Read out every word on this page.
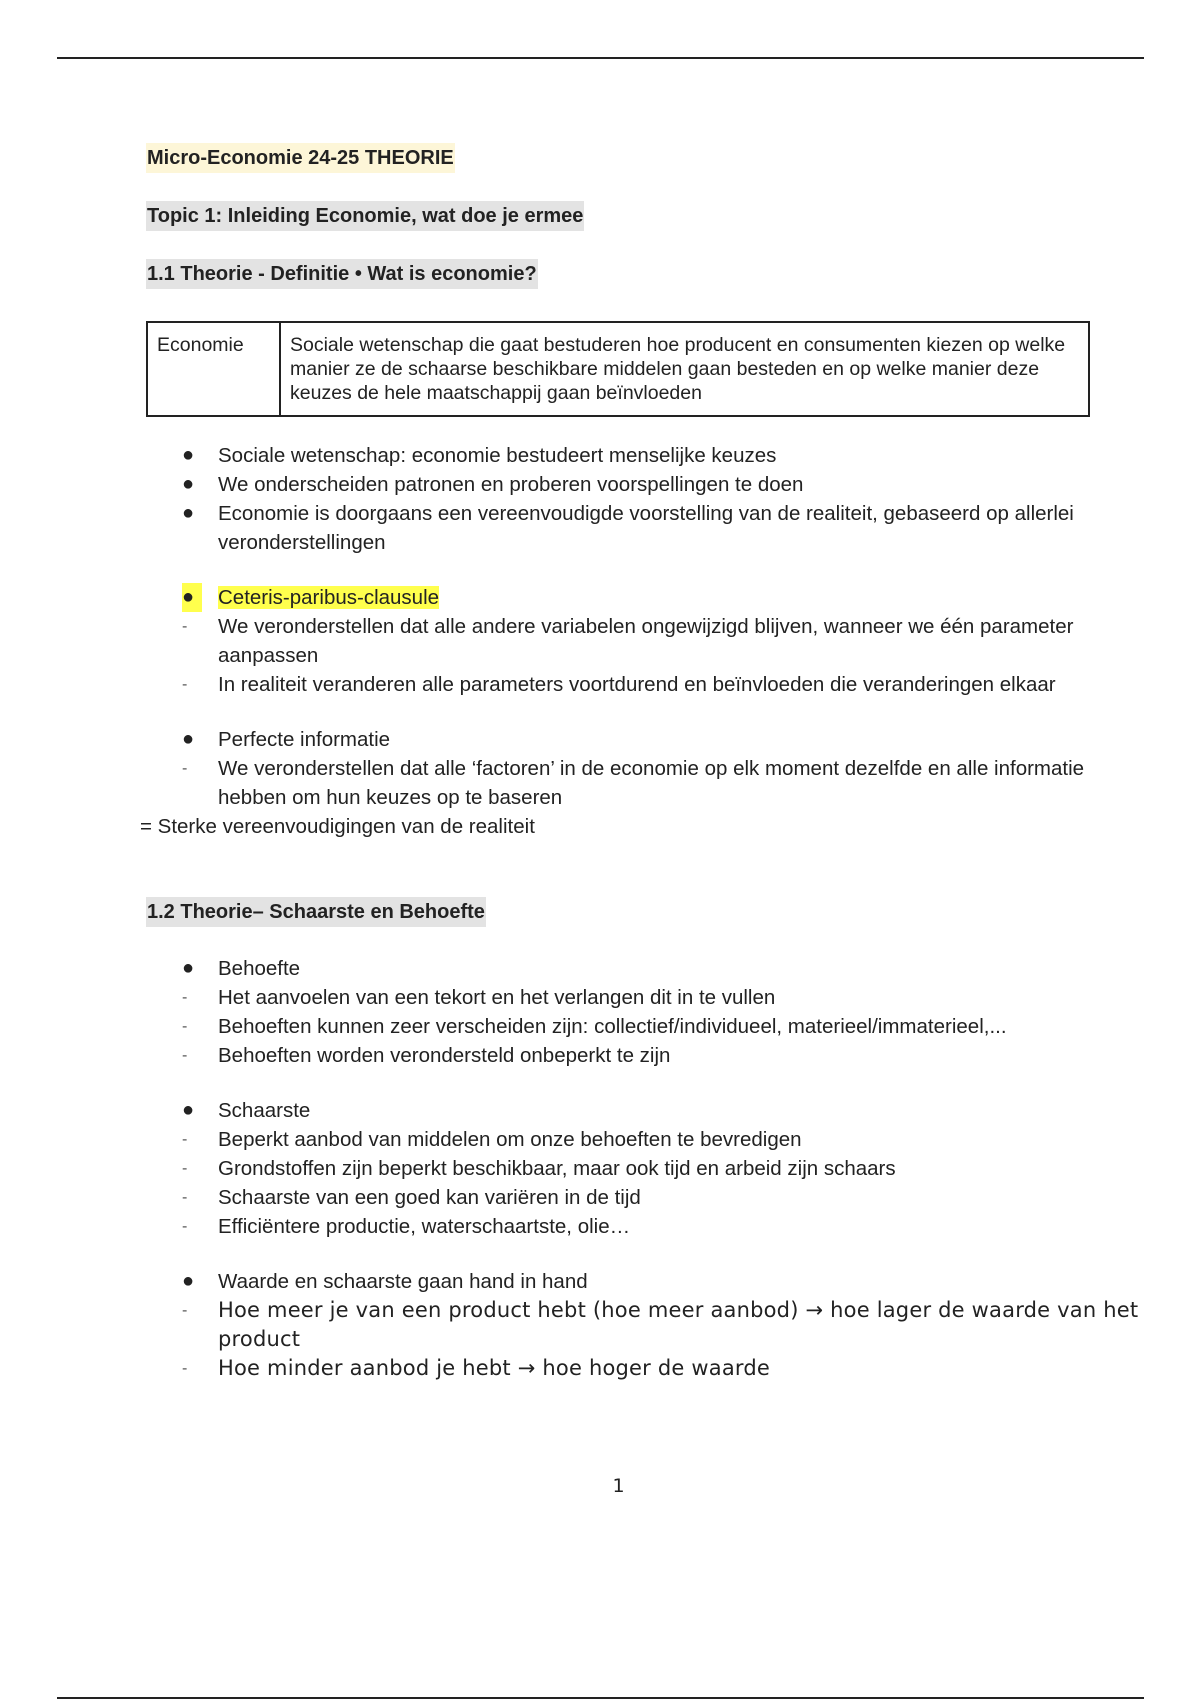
Micro-Economie 24-25 THEORIE
Topic 1: Inleiding Economie, wat doe je ermee
1.1 Theorie - Definitie • Wat is economie?
Economie	Sociale wetenschap die gaat bestuderen hoe producent en consumenten kiezen op welke manier ze de schaarse beschikbare middelen gaan besteden en op welke manier deze keuzes de hele maatschappij gaan beïnvloeden
●	Sociale wetenschap: economie bestudeert menselijke keuzes
●	We onderscheiden patronen en proberen voorspellingen te doen
●	Economie is doorgaans een vereenvoudigde voorstelling van de realiteit, gebaseerd op allerlei veronderstellingen
●	Ceteris-paribus-clausule
-	We veronderstellen dat alle andere variabelen ongewijzigd blijven, wanneer we één parameter aanpassen
-	In realiteit veranderen alle parameters voortdurend en beïnvloeden die veranderingen elkaar
●	Perfecte informatie
-	We veronderstellen dat alle ‘factoren’ in de economie op elk moment dezelfde en alle informatie hebben om hun keuzes op te baseren
= Sterke vereenvoudigingen van de realiteit
1.2 Theorie– Schaarste en Behoefte
●	Behoefte
-	Het aanvoelen van een tekort en het verlangen dit in te vullen
-	Behoeften kunnen zeer verscheiden zijn: collectief/individueel, materieel/immaterieel,...
-	Behoeften worden verondersteld onbeperkt te zijn
●	Schaarste
-	Beperkt aanbod van middelen om onze behoeften te bevredigen
-	Grondstoffen zijn beperkt beschikbaar, maar ook tijd en arbeid zijn schaars
-	Schaarste van een goed kan variëren in de tijd
-	Efficiëntere productie, waterschaartste, olie…
●	Waarde en schaarste gaan hand in hand
-	Hoe meer je van een product hebt (hoe meer aanbod) → hoe lager de waarde van het product
-	Hoe minder aanbod je hebt → hoe hoger de waarde
1
